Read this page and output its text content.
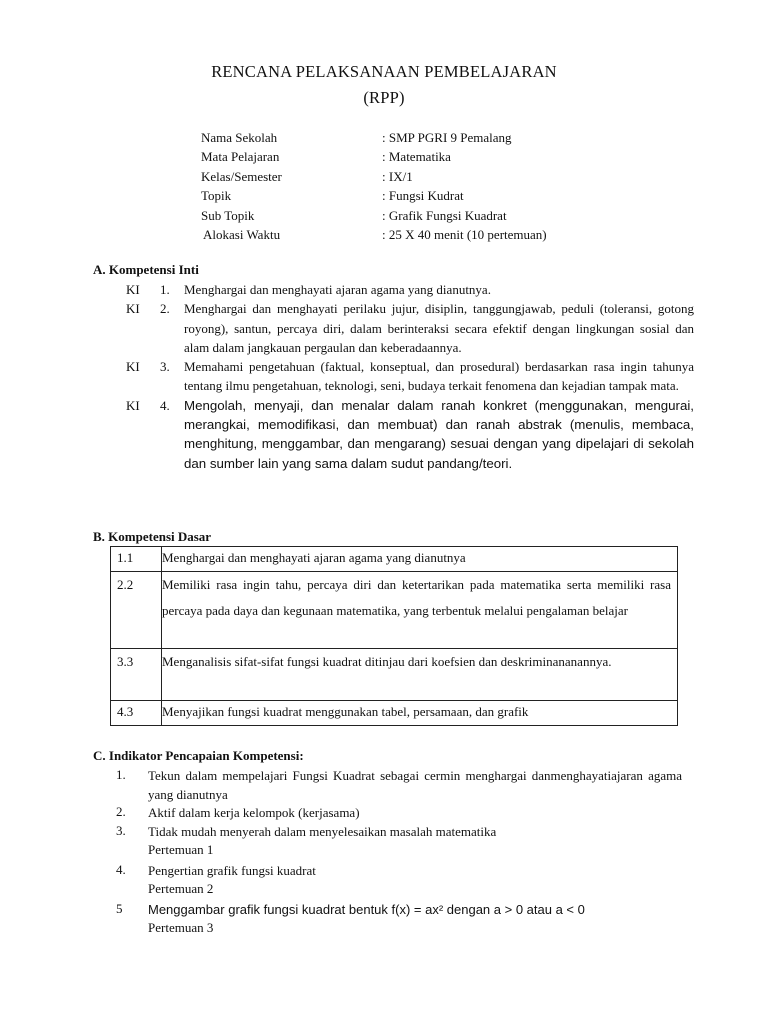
RENCANA PELAKSANAAN PEMBELAJARAN
(RPP)
Nama Sekolah	: SMP PGRI 9 Pemalang
Mata Pelajaran	: Matematika
Kelas/Semester	: IX/1
Topik	: Fungsi Kudrat
Sub Topik	: Grafik Fungsi Kuadrat
Alokasi Waktu	: 25 X 40 menit (10 pertemuan)
A. Kompetensi Inti
KI 1. Menghargai dan menghayati ajaran agama yang dianutnya.
KI 2. Menghargai dan menghayati perilaku jujur, disiplin, tanggungjawab, peduli (toleransi, gotong royong), santun, percaya diri, dalam berinteraksi secara efektif dengan lingkungan sosial dan alam dalam jangkauan pergaulan dan keberadaannya.
KI 3. Memahami pengetahuan (faktual, konseptual, dan prosedural) berdasarkan rasa ingin tahunya tentang ilmu pengetahuan, teknologi, seni, budaya terkait fenomena dan kejadian tampak mata.
KI 4. Mengolah, menyaji, dan menalar dalam ranah konkret (menggunakan, mengurai, merangkai, memodifikasi, dan membuat) dan ranah abstrak (menulis, membaca, menghitung, menggambar, dan mengarang) sesuai dengan yang dipelajari di sekolah dan sumber lain yang sama dalam sudut pandang/teori.
B. Kompetensi Dasar
1.1	Menghargai dan menghayati ajaran agama yang dianutnya
2.2	Memiliki rasa ingin tahu, percaya diri dan ketertarikan pada matematika serta memiliki rasa percaya pada daya dan kegunaan matematika, yang terbentuk melalui pengalaman belajar
3.3	Menganalisis sifat-sifat fungsi kuadrat ditinjau dari koefsien dan deskriminananannya.
4.3	Menyajikan fungsi kuadrat menggunakan tabel, persamaan, dan grafik
C. Indikator Pencapaian Kompetensi:
1. Tekun dalam mempelajari Fungsi Kuadrat sebagai cermin menghargai danmenghayatiajaran agama yang dianutnya
2. Aktif dalam kerja kelompok (kerjasama)
3. Tidak mudah menyerah dalam menyelesaikan masalah matematika
Pertemuan 1
4. Pengertian grafik fungsi kuadrat
Pertemuan 2
5 Menggambar grafik fungsi kuadrat bentuk f(x) = ax² dengan a > 0 atau a < 0
Pertemuan 3
